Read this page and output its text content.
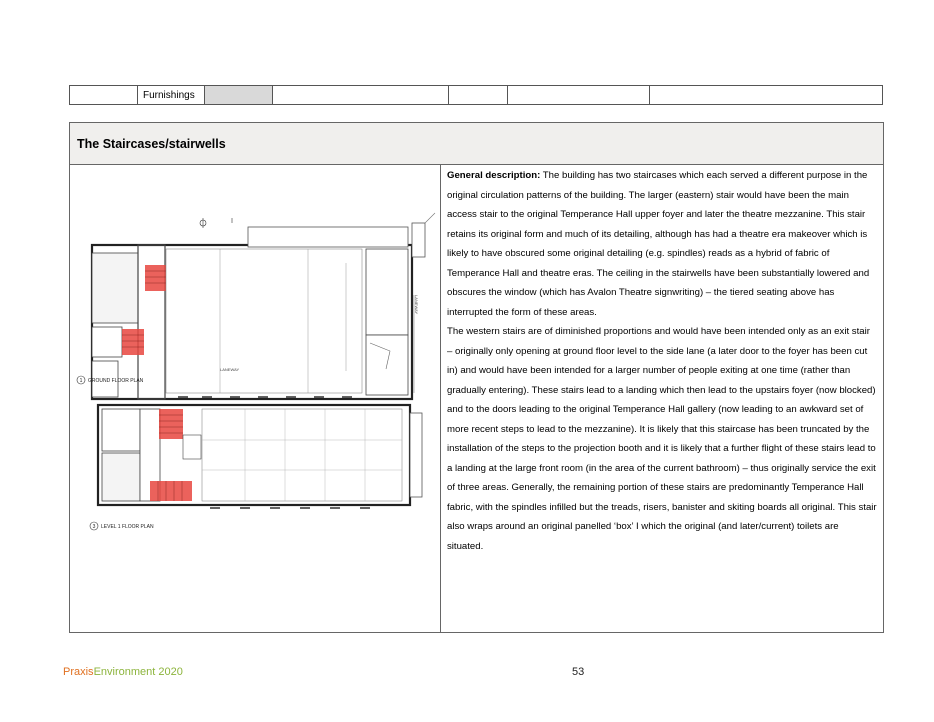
	Furnishings					
The Staircases/stairwells
LANEWAY
1 GROUND FLOOR PLAN
LANEWAY
3 LEVEL 1 FLOOR PLAN

General description: The building has two staircases which each served a different purpose in the original circulation patterns of the building. The larger (eastern) stair would have been the main access stair to the original Temperance Hall upper foyer and later the theatre mezzanine. This stair retains its original form and much of its detailing, although has had a theatre era makeover which is likely to have obscured some original detailing (e.g. spindles) reads as a hybrid of fabric of Temperance Hall and theatre eras. The ceiling in the stairwells have been substantially lowered and obscures the window (which has Avalon Theatre signwriting) – the tiered seating above has interrupted the form of these areas.

The western stairs are of diminished proportions and would have been intended only as an exit stair – originally only opening at ground floor level to the side lane (a later door to the foyer has been cut in) and would have been intended for a larger number of people exiting at one time (rather than gradually entering). These stairs lead to a landing which then lead to the upstairs foyer (now blocked) and to the doors leading to the original Temperance Hall gallery (now leading to an awkward set of more recent steps to lead to the mezzanine). It is likely that this staircase has been truncated by the installation of the steps to the projection booth and it is likely that a further flight of these stairs lead to a landing at the large front room (in the area of the current bathroom) – thus originally service the exit of three areas. Generally, the remaining portion of these stairs are predominantly Temperance Hall fabric, with the spindles infilled but the treads, risers, banister and skiting boards all original. This stair also wraps around an original panelled ‘box’ I which the original (and later/current) toilets are situated.

PraxisEnvironment 2020	53
